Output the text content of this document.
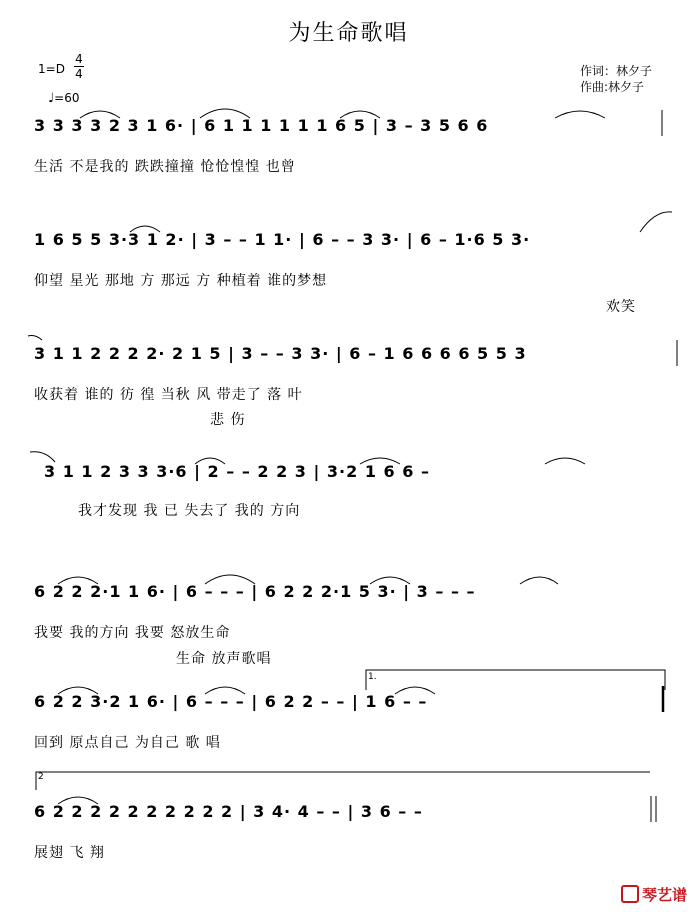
为生命歌唱
1=D
4
4
♩=60
作词：林夕子
作曲:林夕子
3 3 3 3 2 3 1 6· | 6 1 1 1 1 1 1 6 5 | 3 – 3 5 6 6
生活 不是我的 跌跌撞撞 怆怆惶惶 也曾
1 6 5 5 3·3 1 2· | 3 – – 1 1· | 6 – – 3 3· | 6 – 1·6 5 3·
仰望 星光 那地 方 那远 方 种植着 谁的梦想
欢笑
3 1 1 2 2 2 2· 2 1 5 | 3 – – 3 3· | 6 – 1 6 6 6 6 5 5 3
收获着 谁的 彷 徨 当秋 风 带走了 落 叶
悲 伤
3 1 1 2 3 3 3·6 | 2 – – 2 2 3 | 3·2 1 6 6 –
我才发现 我 已 失去了 我的 方向
6 2 2 2·1 1 6· | 6 – – – | 6 2 2 2·1 5 3· | 3 – – –
我要 我的方向 我要 怒放生命
生命 放声歌唱
1.
6 2 2 3·2 1 6· | 6 – – – | 6 2 2 – – | 1 6 – –
回到 原点自己 为自己 歌 唱
2
6 2 2 2 2 2 2 2 2 2 2 | 3 4· 4 – – | 3 6 – –
展翅 飞 翔
琴艺谱
